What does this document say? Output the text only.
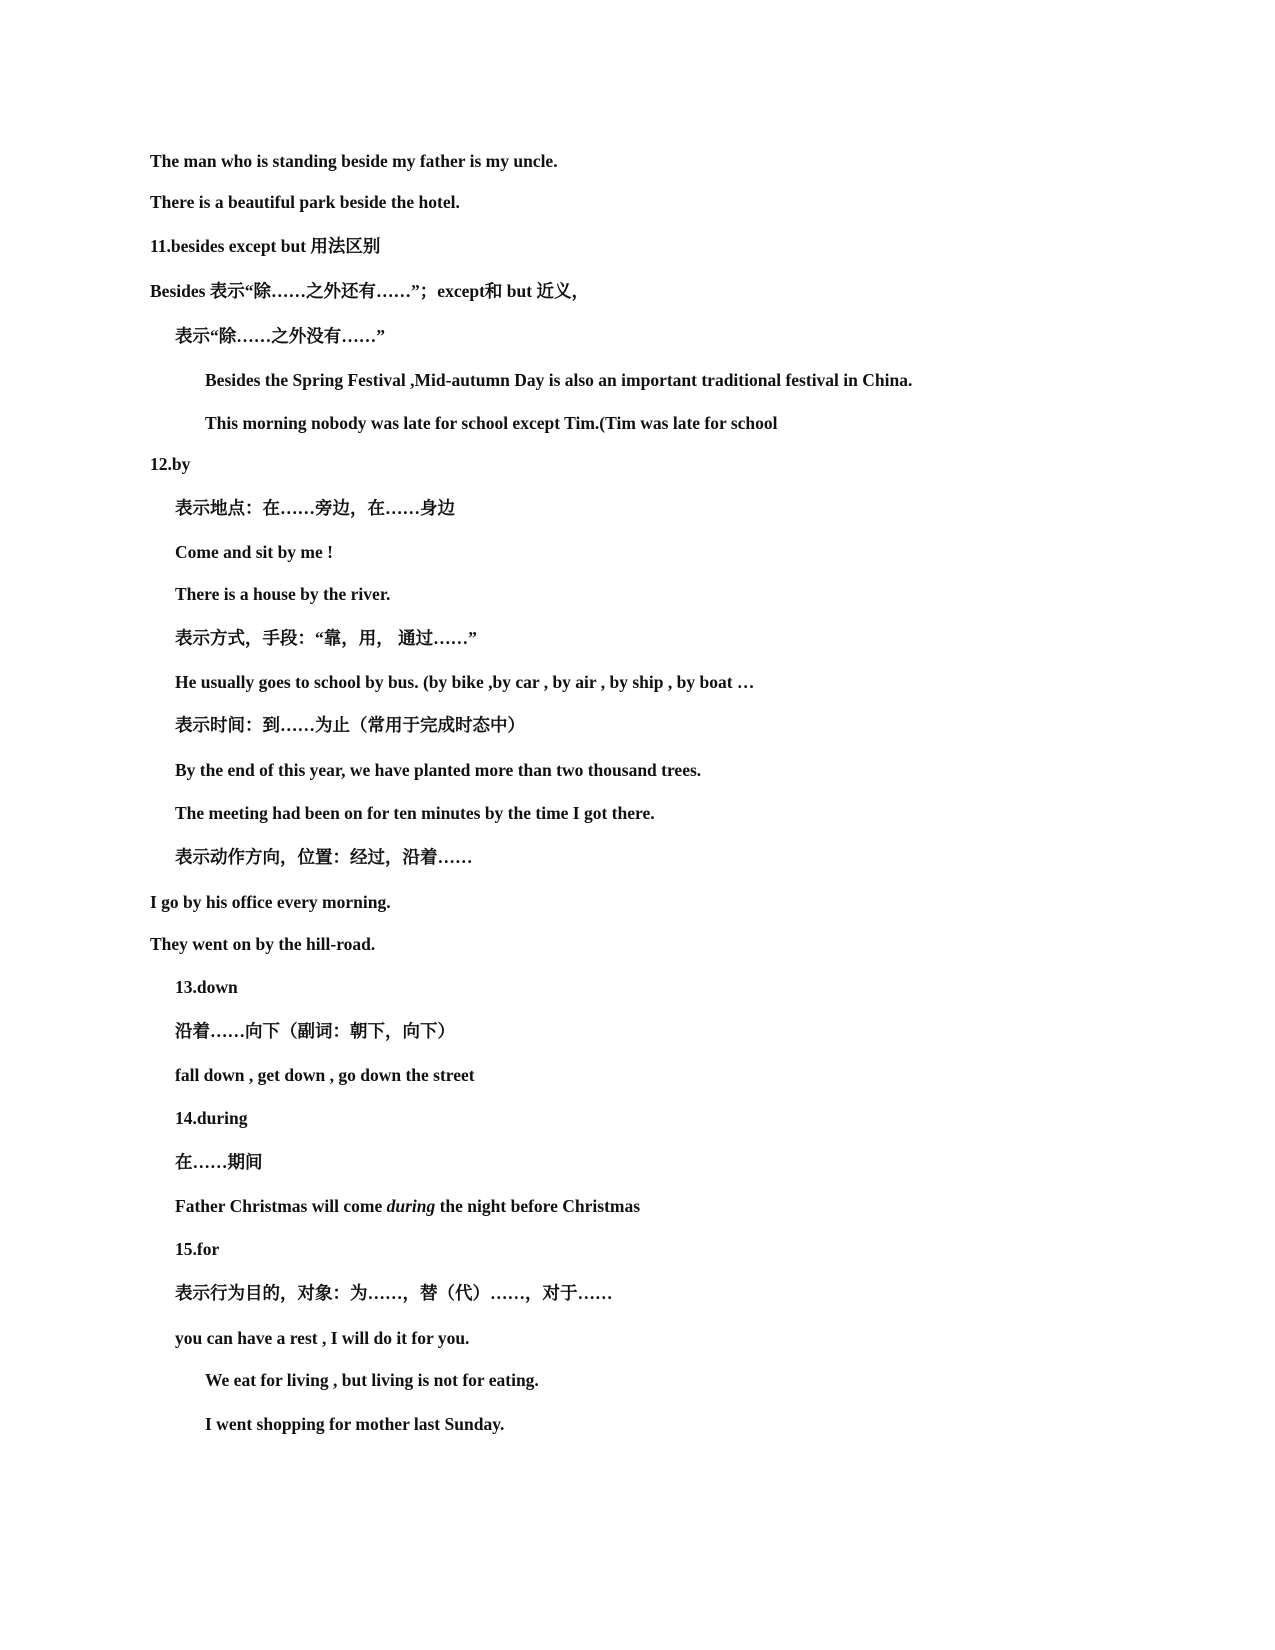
The man who is standing beside my father is my uncle.

There is a beautiful park beside the hotel.

11.besides except but 用法区别

Besides 表示“除……之外还有……”；except和 but 近义，

表示“除……之外没有……”

Besides the Spring Festival ,Mid-autumn Day is also an important traditional festival in China.

This morning nobody was late for school except Tim.(Tim was late for school

12.by

表示地点：在……旁边，在……身边

Come and sit by me !

There is a house by the river.

表示方式，手段：“靠，用， 通过……”

He usually goes to school by bus. (by bike ,by car , by air , by ship , by boat …

表示时间：到……为止（常用于完成时态中）

By the end of this year, we have planted more than two thousand trees.

The meeting had been on for ten minutes by the time I got there.

表示动作方向，位置：经过，沿着……

I go by his office every morning.

They went on by the hill-road.

13.down

沿着……向下（副词：朝下，向下）

fall down , get down , go down the street

14.during

在……期间

Father Christmas will come during the night before Christmas

15.for

表示行为目的，对象：为……，替（代）……，对于……

you can have a rest , I will do it for you.

We eat for living , but living is not for eating.

I went shopping for mother last Sunday.
